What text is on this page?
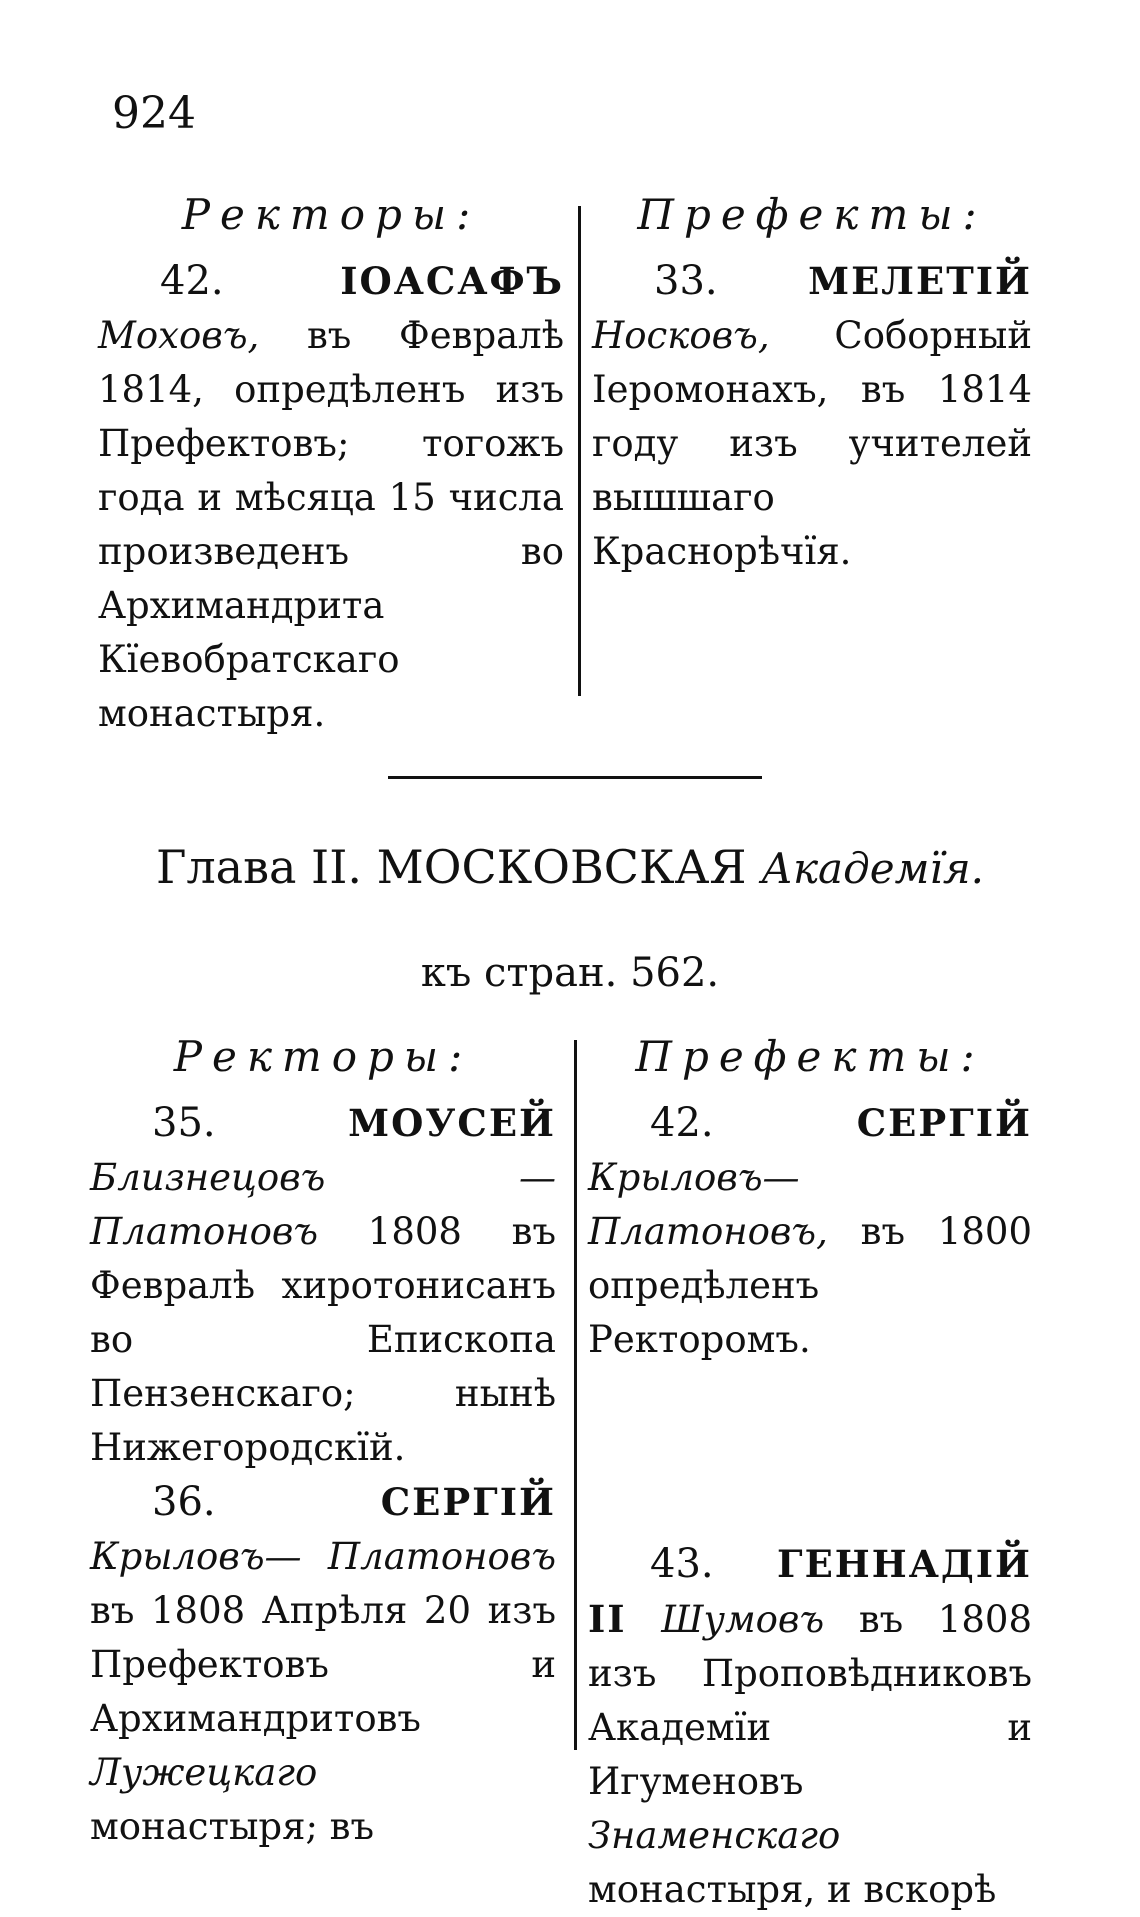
924

Ректоры:

42.	IОАСАФЪ Моховъ, въ Февралѣ 1814, опредѣленъ изъ Префектовъ; тогожъ года и мѣсяца 15 числа произведенъ во Архимандрита Кїевобратскаго монастыря.

Префекты:

33. МЕЛЕТIЙ Носковъ, Соборный Iеромонахъ, въ 1814 году изъ учителей вышшаго Краснорѣчїя.

Глава II. МОСКОВСКАЯ Академїя.
къ стран. 562.

Ректоры:

35.	МОУСЕЙ Близнецовъ — Платоновъ 1808 въ Февралѣ хиротонисанъ во Епископа Пензенскаго; нынѣ Нижегородскїй.

36.	СЕРГIЙ Крыловъ— Платоновъ въ 1808 Апрѣля 20 изъ Префектовъ и Архимандритовъ Лужецкаго монастыря; въ

Префекты:

42.	СЕРГIЙ Крыловъ—Платоновъ, въ 1800 опредѣленъ Ректоромъ.

43. ГЕННАДIЙ II Шумовъ въ 1808 изъ Проповѣдниковъ Академїи и Игуменовъ Знаменскаго монастыря, и вскорѣ
